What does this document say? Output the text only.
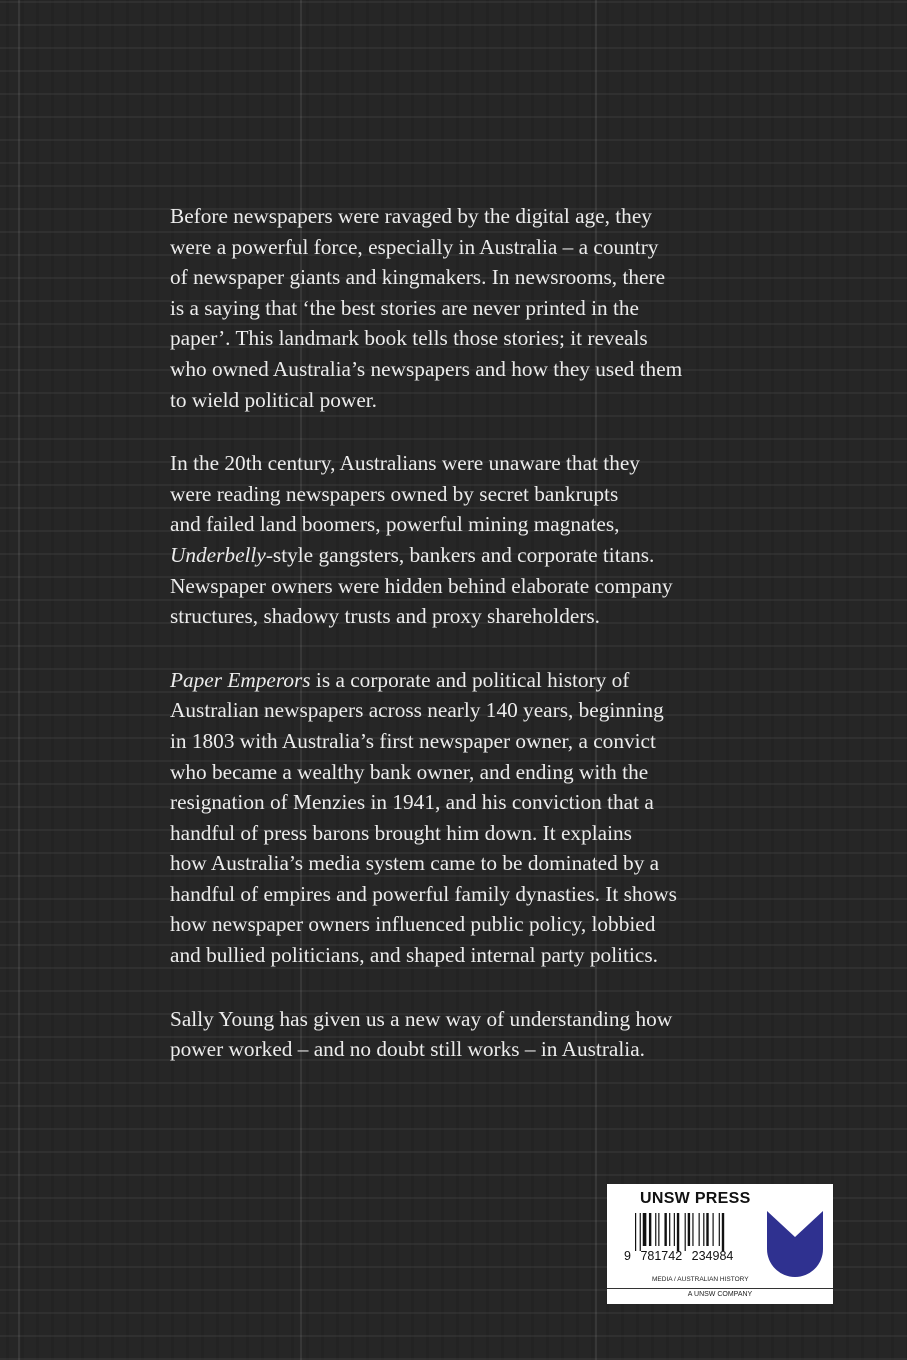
Before newspapers were ravaged by the digital age, they
were a powerful force, especially in Australia – a country
of newspaper giants and kingmakers. In newsrooms, there
is a saying that ‘the best stories are never printed in the
paper’. This landmark book tells those stories; it reveals
who owned Australia’s newspapers and how they used them
to wield political power.

In the 20th century, Australians were unaware that they
were reading newspapers owned by secret bankrupts
and failed land boomers, powerful mining magnates,
Underbelly-style gangsters, bankers and corporate titans.
Newspaper owners were hidden behind elaborate company
structures, shadowy trusts and proxy shareholders.

Paper Emperors is a corporate and political history of
Australian newspapers across nearly 140 years, beginning
in 1803 with Australia’s first newspaper owner, a convict
who became a wealthy bank owner, and ending with the
resignation of Menzies in 1941, and his conviction that a
handful of press barons brought him down. It explains
how Australia’s media system came to be dominated by a
handful of empires and powerful family dynasties. It shows
how newspaper owners influenced public policy, lobbied
and bullied politicians, and shaped internal party politics.

Sally Young has given us a new way of understanding how
power worked – and no doubt still works – in Australia.

UNSW PRESS
9 781742 234984
MEDIA / AUSTRALIAN HISTORY
A UNSW COMPANY
